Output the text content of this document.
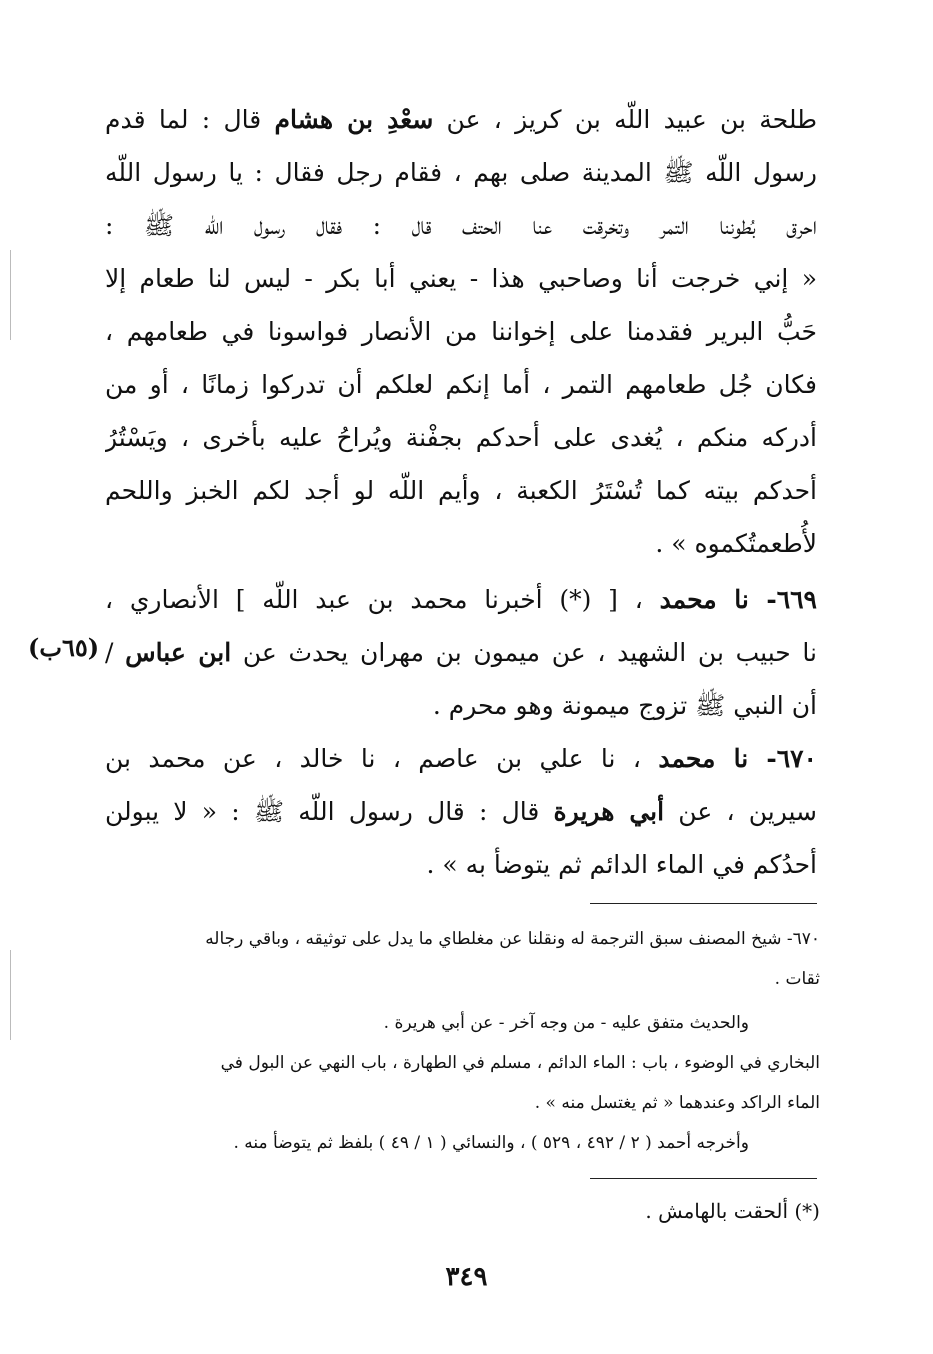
طلحة بن عبيد اللّه بن كريز ، عن سعْدِ بن هشام قال : لما قدم
رسول اللّه ﷺ المدينة صلى بهم ، فقام رجل فقال : يا رسول اللّه
احرق بُطوننا التمر وتخرقت عنا الحتف قال : فقال رسول اللّه ﷺ :
« إني خرجت أنا وصاحبي هذا - يعني أبا بكر - ليس لنا طعام إلا
حَبُّ البرير فقدمنا على إخواننا من الأنصار فواسونا في طعامهم ،
فكان جُل طعامهم التمر ، أما إنكم لعلكم أن تدركوا زمانًا ، أو من
أدركه منكم ، يُغدى على أحدكم بجفْنة ويُراحُ عليه بأخرى ، ويَسْتُرُ
أحدكم بيته كما تُسْتَرُ الكعبة ، وأيم اللّه لو أجد لكم الخبز واللحم
لأُطعمتُكموه » .
٦٦٩- نا محمد ، [ (*) أخبرنا محمد بن عبد اللّه ] الأنصاري ،
نا حبيب بن الشهيد ، عن ميمون بن مهران يحدث عن ابن عباس /
أن النبي ﷺ تزوج ميمونة وهو محرم .
٦٧٠- نا محمد ، نا علي بن عاصم ، نا خالد ، عن محمد بن
سيرين ، عن أبي هريرة قال : قال رسول اللّه ﷺ : « لا يبولن
أحدُكم في الماء الدائم ثم يتوضأ به » .
(٦٥ب)
٦٧٠- شيخ المصنف سبق الترجمة له ونقلنا عن مغلطاي ما يدل على توثيقه ، وباقي رجاله
ثقات .
والحديث متفق عليه - من وجه آخر - عن أبي هريرة .
البخاري في الوضوء ، باب : الماء الدائم ، مسلم في الطهارة ، باب النهي عن البول في
الماء الراكد وعندهما « ثم يغتسل منه » .
وأخرجه أحمد ( ٢ / ٤٩٢ ، ٥٢٩ ) ، والنسائي ( ١ / ٤٩ ) بلفظ ثم يتوضأ منه .
(*) ألحقت بالهامش .
٣٤٩
